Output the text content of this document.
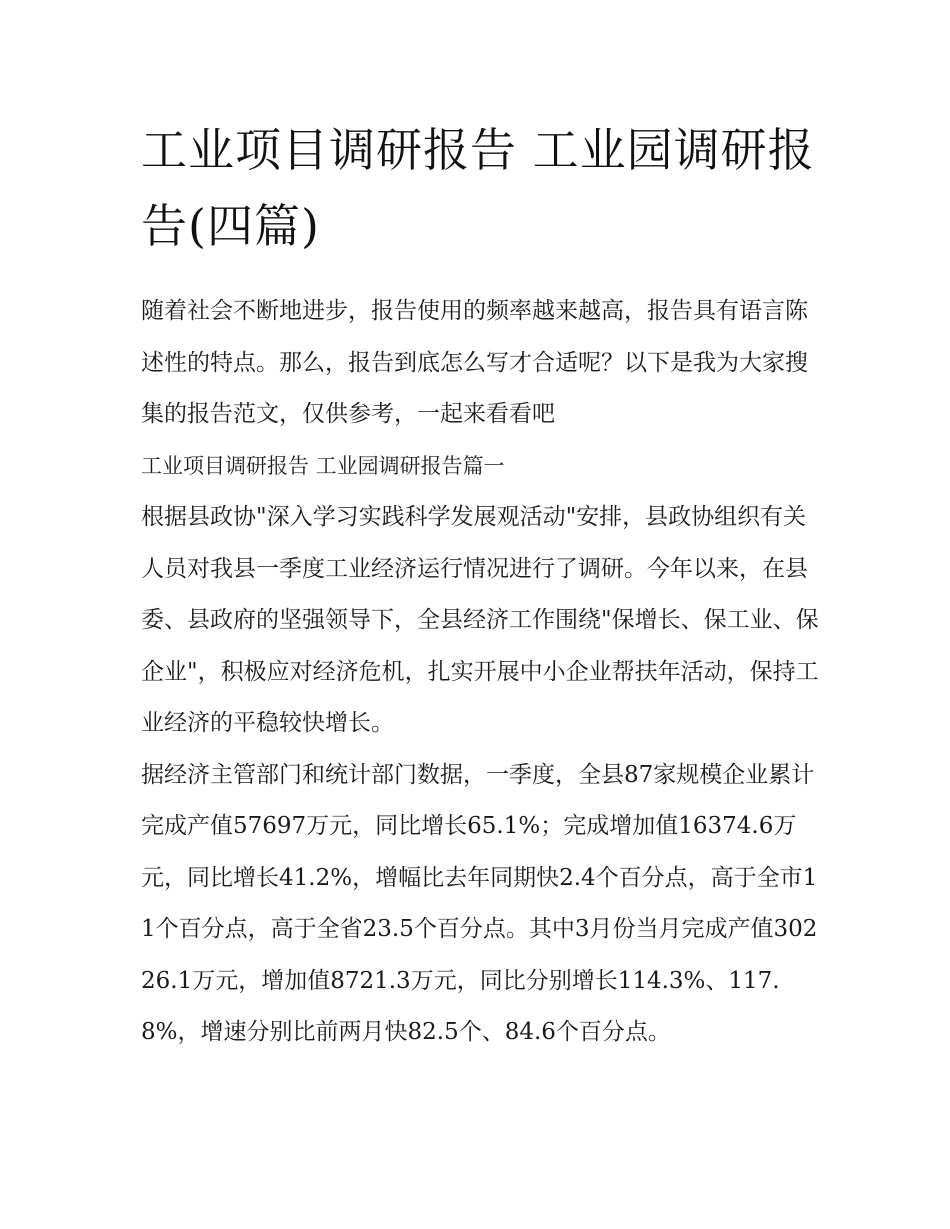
工业项目调研报告 工业园调研报告(四篇)

随着社会不断地进步，报告使用的频率越来越高，报告具有语言陈述性的特点。那么，报告到底怎么写才合适呢？以下是我为大家搜集的报告范文，仅供参考，一起来看看吧

工业项目调研报告 工业园调研报告篇一

根据县政协"深入学习实践科学发展观活动"安排，县政协组织有关人员对我县一季度工业经济运行情况进行了调研。今年以来，在县委、县政府的坚强领导下，全县经济工作围绕"保增长、保工业、保企业"，积极应对经济危机，扎实开展中小企业帮扶年活动，保持工业经济的平稳较快增长。

据经济主管部门和统计部门数据，一季度，全县87家规模企业累计完成产值57697万元，同比增长65.1%；完成增加值16374.6万元，同比增长41.2%，增幅比去年同期快2.4个百分点，高于全市11个百分点，高于全省23.5个百分点。其中3月份当月完成产值30226.1万元，增加值8721.3万元，同比分别增长114.3%、117.8%，增速分别比前两月快82.5个、84.6个百分点。
